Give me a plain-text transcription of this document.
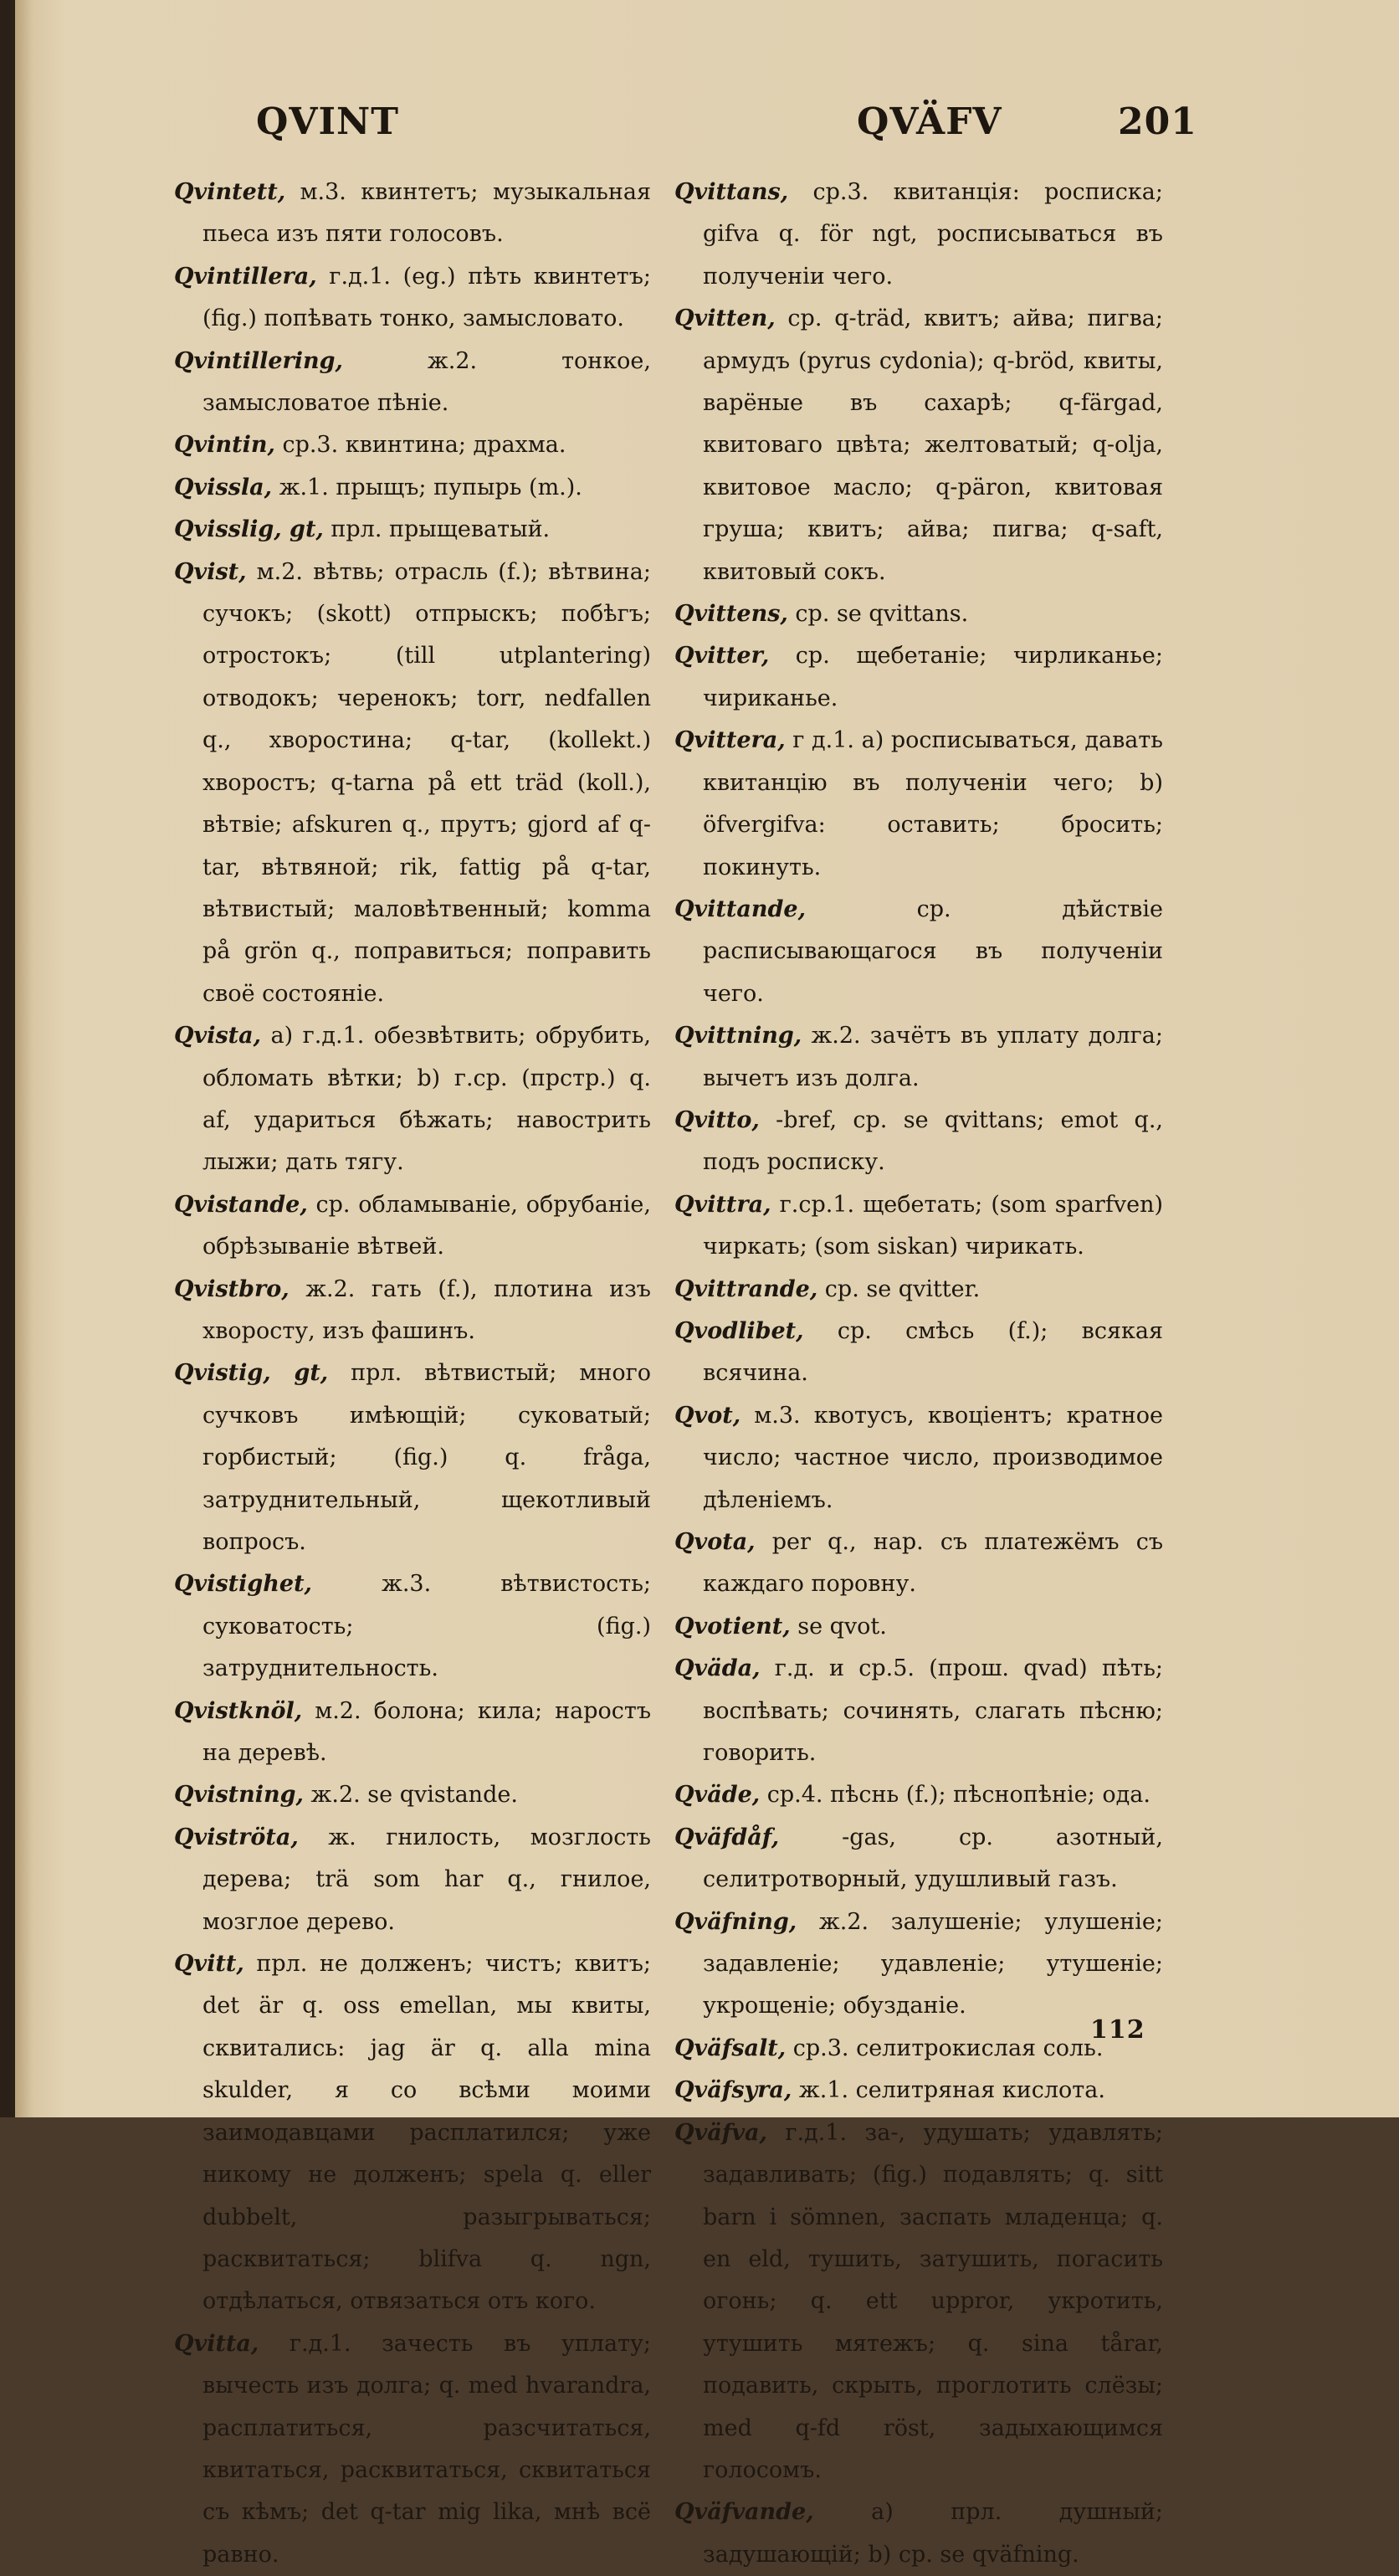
QVINT	QVÄFV	201

Qvintett, м.3. квинтетъ; музыкальная пьеса изъ пяти голосовъ.

Qvintillera, г.д.1. (eg.) пѣть квинтетъ; (fig.) попѣвать тонко, замысловато.

Qvintillering, ж.2. тонкое, замысловатое пѣніе.

Qvintin, ср.3. квинтина; драхма.

Qvissla, ж.1. прыщъ; пупырь (m.).

Qvisslig, gt, прл. прыщеватый.

Qvist, м.2. вѣтвь; отрасль (f.); вѣтвина; сучокъ; (skott) отпрыскъ; побѣгъ; отростокъ; (till utplantering) отводокъ; черенокъ; torr, nedfallen q., хворостина; q-tar, (kollekt.) хворостъ; q-tarna på ett träd (koll.), вѣтвіе; afskuren q., прутъ; gjord af q-tar, вѣтвяной; rik, fattig på q-tar, вѣтвистый; маловѣтвенный; komma på grön q., поправиться; поправить своё состояніе.

Qvista, а) г.д.1. обезвѣтвить; обрубить, обломать вѣтки; b) г.ср. (прстр.) q. af, удариться бѣжать; навострить лыжи; дать тягу.

Qvistande, ср. обламываніе, обрубаніе, обрѣзываніе вѣтвей.

Qvistbro, ж.2. гать (f.), плотина изъ хворосту, изъ фашинъ.

Qvistig, gt, прл. вѣтвистый; много сучковъ имѣющій; суковатый; горбистый; (fig.) q. fråga, затруднительный, щекотливый вопросъ.

Qvistighet, ж.3. вѣтвистость; суковатость; (fig.) затруднительность.

Qvistknöl, м.2. болона; кила; наростъ на деревѣ.

Qvistning, ж.2. se qvistande.

Qviströta, ж. гнилость, мозглость дерева; trä som har q., гнилое, мозглое дерево.

Qvitt, прл. не долженъ; чистъ; квитъ; det är q. oss emellan, мы квиты, сквитались: jag är q. alla mina skulder, я со всѣми моими заимодавцами расплатился; уже никому не долженъ; spela q. eller dubbelt, разыгрываться; расквитаться; blifva q. ngn, отдѣлаться, отвязаться отъ кого.

Qvitta, г.д.1. зачесть въ уплату; вычесть изъ долга; q. med hvarandra, расплатиться, разсчитаться, квитаться, расквитаться, сквитаться съ кѣмъ; det q-tar mig lika, мнѣ всё равно.

Qvittans, ср.3. квитанція: росписка; gifva q. för ngt, росписываться въ полученіи чего.

Qvitten, ср. q-träd, квитъ; айва; пигва; армудъ (pyrus cydonia); q-bröd, квиты, варёные въ сахарѣ; q-färgad, квитоваго цвѣта; желтоватый; q-olja, квитовое масло; q-päron, квитовая груша; квитъ; айва; пигва; q-saft, квитовый сокъ.

Qvittens, ср. se qvittans.

Qvitter, ср. щебетаніе; чирликанье; чириканье.

Qvittera, г д.1. а) росписываться, давать квитанцію въ полученіи чего; b) öfvergifva: оставить; бросить; покинуть.

Qvittande, ср. дѣйствіе расписывающагося въ полученіи чего.

Qvittning, ж.2. зачётъ въ уплату долга; вычетъ изъ долга.

Qvitto, -bref, ср. se qvittans; emot q., подъ росписку.

Qvittra, г.ср.1. щебетать; (som sparfven) чиркать; (som siskan) чирикать.

Qvittrande, ср. se qvitter.

Qvodlibet, ср. смѣсь (f.); всякая всячина.

Qvot, м.3. квотусъ, квоціентъ; кратное число; частное число, производимое дѣленіемъ.

Qvota, per q., нар. съ платежёмъ съ каждаго поровну.

Qvotient, se qvot.

Qväda, г.д. и ср.5. (прош. qvad) пѣть; воспѣвать; сочинять, слагать пѣсню; говорить.

Qväde, ср.4. пѣснь (f.); пѣснопѣніе; ода.

Qväfdåf, -gas, ср. азотный, селитротворный, удушливый газъ.

Qväfning, ж.2. залушеніе; улушеніе; задавленіе; удавленіе; утушеніе; укрощеніе; обузданіе.

Qväfsalt, ср.3. селитрокислая соль.

Qväfsyra, ж.1. селитряная кислота.

Qväfva, г.д.1. за-, удушать; удавлять; задавливать; (fig.) подавлять; q. sitt barn i sömnen, заспать младенца; q. en eld, тушить, затушить, погасить огонь; q. ett uppror, укротить, утушить мятежъ; q. sina tårar, подавить, скрыть, проглотить слёзы; med q-fd röst, задыхающимся голосомъ.

Qväfvande, а) прл. душный; задушающій; b) ср. se qväfning.

112
